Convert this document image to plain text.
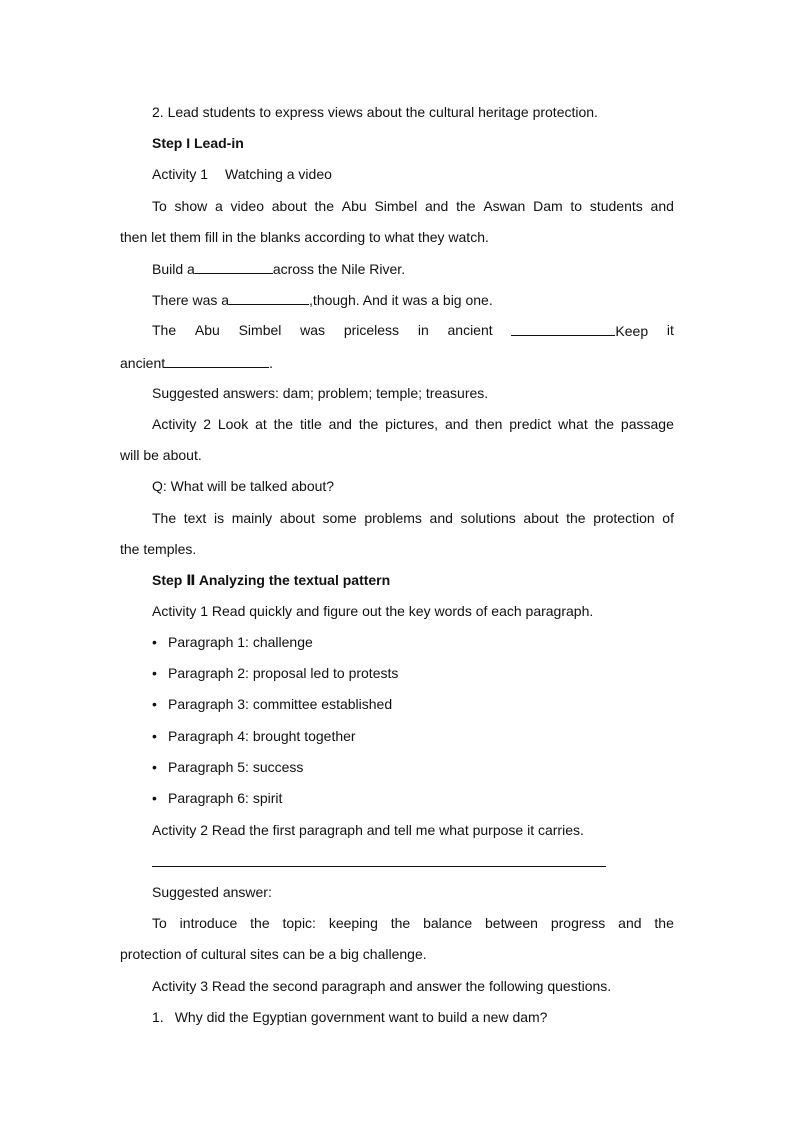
2. Lead students to express views about the cultural heritage protection.
Step I Lead-in
Activity 1 Watching a video
To show a video about the Abu Simbel and the Aswan Dam to students and
then let them fill in the blanks according to what they watch.
Build a	across the Nile River.
There was a	,though. And it was a big one.
The Abu Simbel was priceless in ancient	Keep it
ancient	.
Suggested answers: dam; problem; temple; treasures.
Activity 2 Look at the title and the pictures, and then predict what the passage
will be about.
Q: What will be talked about?
The text is mainly about some problems and solutions about the protection of
the temples.
Step Ⅱ Analyzing the textual pattern
Activity 1 Read quickly and figure out the key words of each paragraph.
• Paragraph 1: challenge
• Paragraph 2: proposal led to protests
• Paragraph 3: committee established
• Paragraph 4: brought together
• Paragraph 5: success
• Paragraph 6: spirit
Activity 2 Read the first paragraph and tell me what purpose it carries.
Suggested answer:
To introduce the topic: keeping the balance between progress and the
protection of cultural sites can be a big challenge.
Activity 3 Read the second paragraph and answer the following questions.
1. Why did the Egyptian government want to build a new dam?
